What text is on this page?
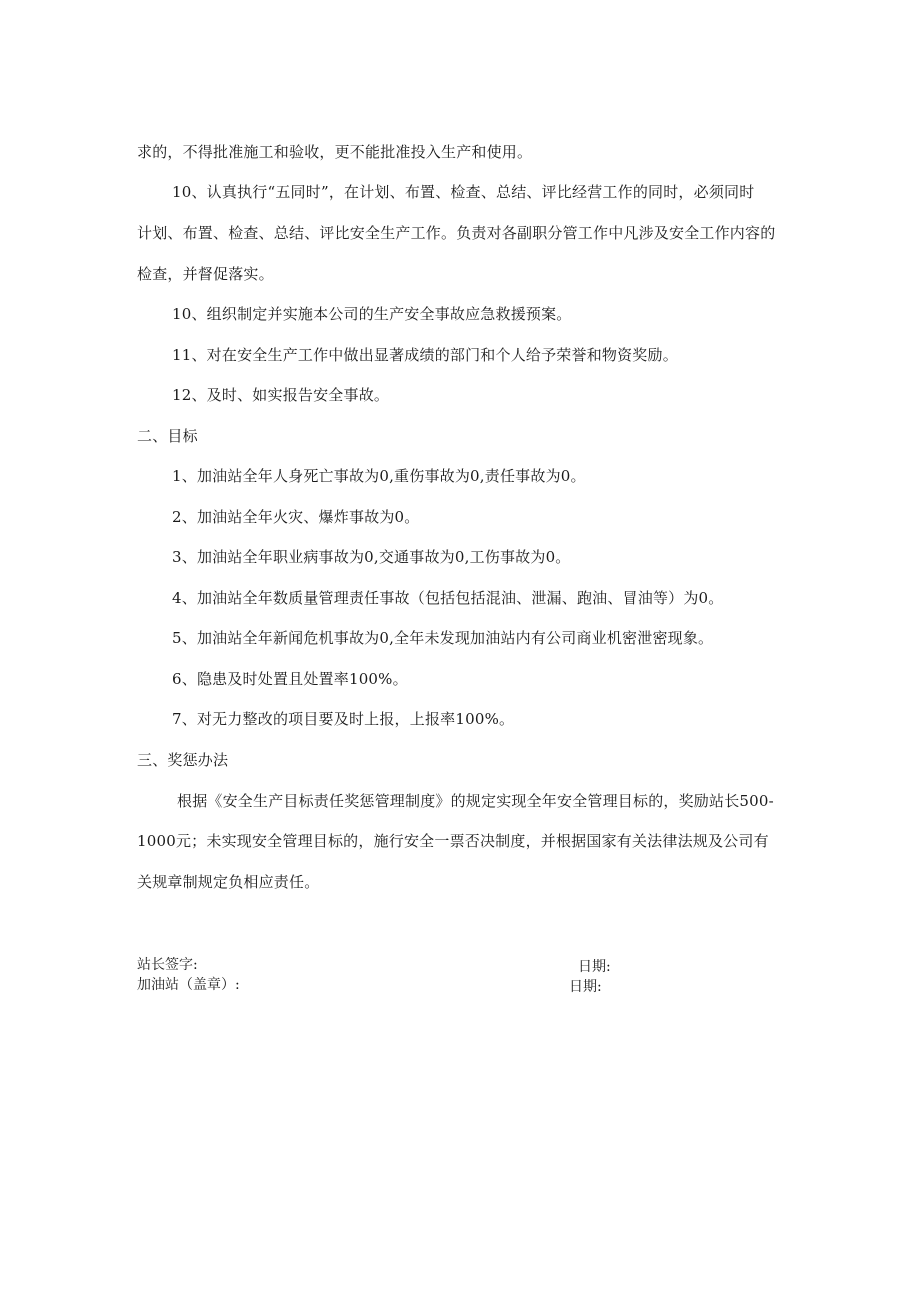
求的，不得批准施工和验收，更不能批准投入生产和使用。
10、认真执行“五同时”，在计划、布置、检查、总结、评比经营工作的同时，必须同时
计划、布置、检查、总结、评比安全生产工作。负责对各副职分管工作中凡涉及安全工作内容的
检查，并督促落实。
10、组织制定并实施本公司的生产安全事故应急救援预案。
11、对在安全生产工作中做出显著成绩的部门和个人给予荣誉和物资奖励。
12、及时、如实报告安全事故。
二、目标
1、加油站全年人身死亡事故为0,重伤事故为0,责任事故为0。
2、加油站全年火灾、爆炸事故为0。
3、加油站全年职业病事故为0,交通事故为0,工伤事故为0。
4、加油站全年数质量管理责任事故（包括包括混油、泄漏、跑油、冒油等）为0。
5、加油站全年新闻危机事故为0,全年未发现加油站内有公司商业机密泄密现象。
6、隐患及时处置且处置率100%。
7、对无力整改的项目要及时上报，上报率100%。
三、奖惩办法
根据《安全生产目标责任奖惩管理制度》的规定实现全年安全管理目标的，奖励站长500-
1000元；未实现安全管理目标的，施行安全一票否决制度，并根据国家有关法律法规及公司有
关规章制规定负相应责任。
站长签字:	日期:
加油站（盖章）:	日期:
